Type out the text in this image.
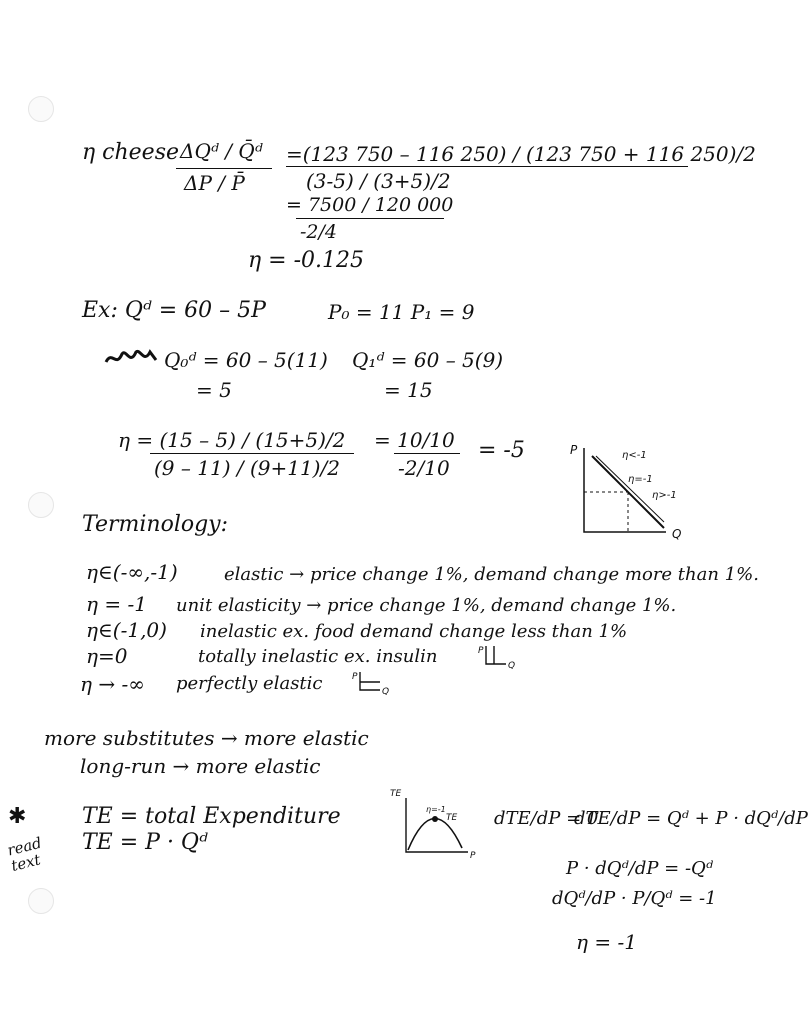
η cheese ΔQᵈ / Q̄ᵈ
ΔP / P̄
=(123 750 – 116 250) / (123 750 + 116 250)/2
(3-5) / (3+5)/2
= 7500 / 120 000
-2/4
η = -0.125
Ex: Qᵈ = 60 – 5P	P₀ = 11 P₁ = 9
Q₀ᵈ = 60 – 5(11)
= 5
Q₁ᵈ = 60 – 5(9)
= 15
η = (15 – 5) / (15+5)/2
(9 – 11) / (9+11)/2
= 10/10
-2/10
= -5	P
Q
η<-1
η=-1
η>-1
Terminology:
η∈(-∞,-1)	elastic → price change 1%, demand change more than 1%.
η = -1 unit elasticity → price change 1%, demand change 1%.
η∈(-1,0) inelastic ex. food demand change less than 1%
η=0	totally inelastic ex. insulin	P
Q
η → -∞ perfectly elastic	P
Q
more substitutes → more elastic
long-run → more elastic
✱
read text
TE = total Expenditure
TE = P · Qᵈ
TE
P
η=-1
TE dTE/dP = 0
dTE/dP = Qᵈ + P · dQᵈ/dP
P · dQᵈ/dP = -Qᵈ
dQᵈ/dP · P/Qᵈ = -1
η = -1
